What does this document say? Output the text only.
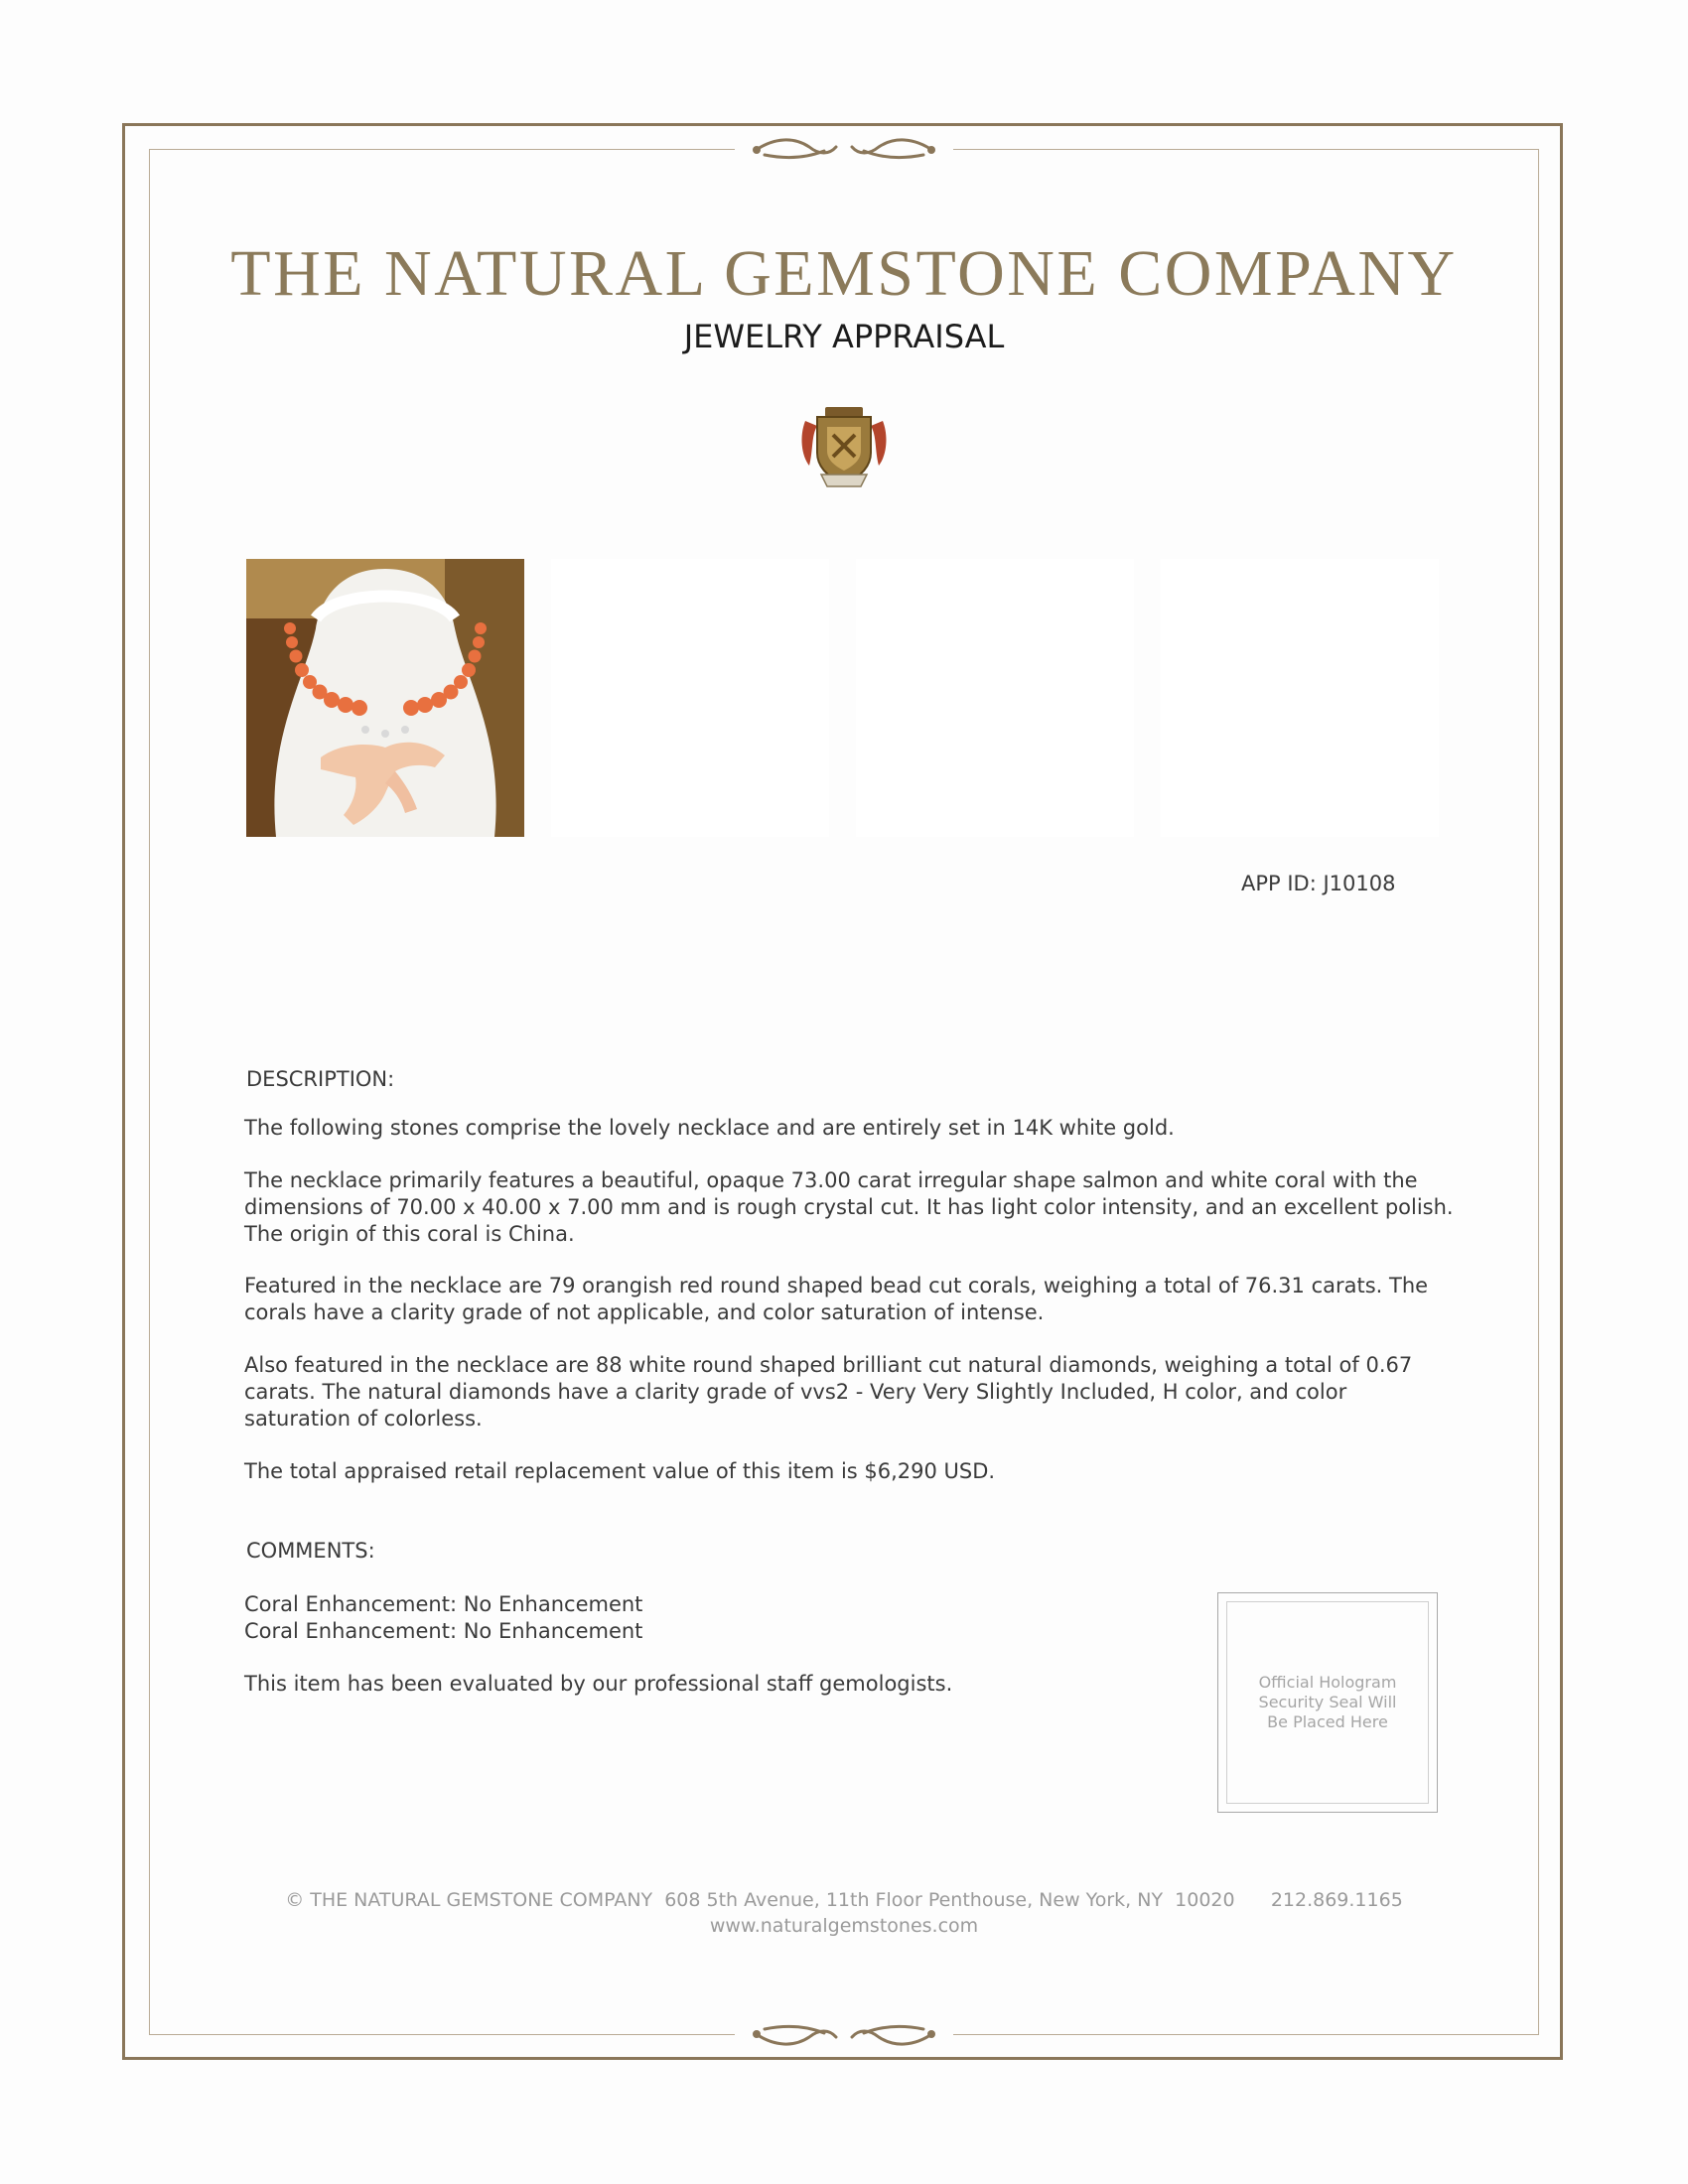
THE NATURAL GEMSTONE COMPANY
JEWELRY APPRAISAL
APP ID: J10108
DESCRIPTION:

The following stones comprise the lovely necklace and are entirely set in 14K white gold.

The necklace primarily features a beautiful, opaque 73.00 carat irregular shape salmon and white coral with the dimensions of 70.00 x 40.00 x 7.00 mm and is rough crystal cut. It has light color intensity, and an excellent polish. The origin of this coral is China.

Featured in the necklace are 79 orangish red round shaped bead cut corals, weighing a total of 76.31 carats. The corals have a clarity grade of not applicable, and color saturation of intense.

Also featured in the necklace are 88 white round shaped brilliant cut natural diamonds, weighing a total of 0.67 carats. The natural diamonds have a clarity grade of vvs2 - Very Very Slightly Included, H color, and color saturation of colorless.

The total appraised retail replacement value of this item is $6,290 USD.

COMMENTS:

Coral Enhancement: No Enhancement

Coral Enhancement: No Enhancement

This item has been evaluated by our professional staff gemologists.	Official Hologram
Security Seal Will
Be Placed Here
© THE NATURAL GEMSTONE COMPANY  608 5th Avenue, 11th Floor Penthouse, New York, NY  10020      212.869.1165
www.naturalgemstones.com
